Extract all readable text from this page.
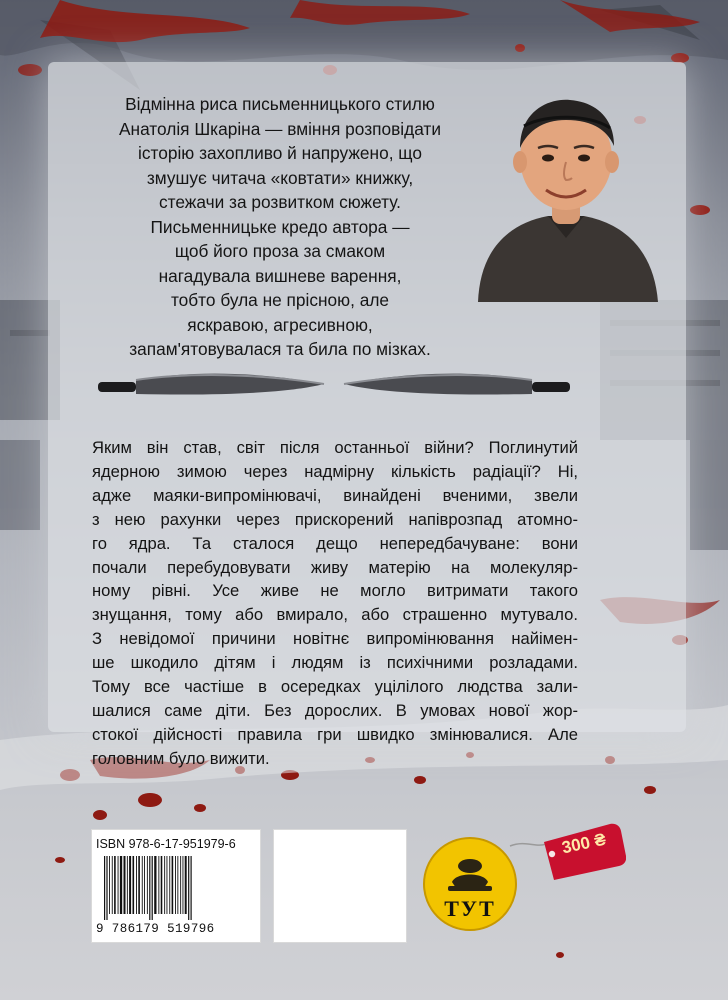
Відмінна риса письменницького стилю
Анатолія Шкаріна — вміння розповідати
історію захопливо й напружено, що
змушує читача «ковтати» книжку,
стежачи за розвитком сюжету.
Письменницьке кредо автора —
щоб його проза за смаком
нагадувала вишневе варення,
тобто була не прісною, але
яскравою, агресивною,
запам'ятовувалася та била по мізках.

Яким він став, світ після останньої війни? Поглинутий
ядерною зимою через надмірну кількість радіації? Ні,
адже маяки-випромінювачі, винайдені вченими, звели
з нею рахунки через прискорений напіврозпад атомно-
го ядра. Та сталося дещо непередбачуване: вони
почали перебудовувати живу матерію на молекуляр-
ному рівні. Усе живе не могло витримати такого
знущання, тому або вмирало, або страшенно мутувало.
З невідомої причини новітнє випромінювання найімен-
ше шкодило дітям і людям із психічними розладами.
Тому все частіше в осередках уцілілого людства зали-
шалися саме діти. Без дорослих. В умовах нової жор-
стокої дійсності правила гри швидко змінювалися. Але
головним було вижити.

ISBN 978-6-17-951979-6

9 786179 519796

ТУТ

300 ₴
